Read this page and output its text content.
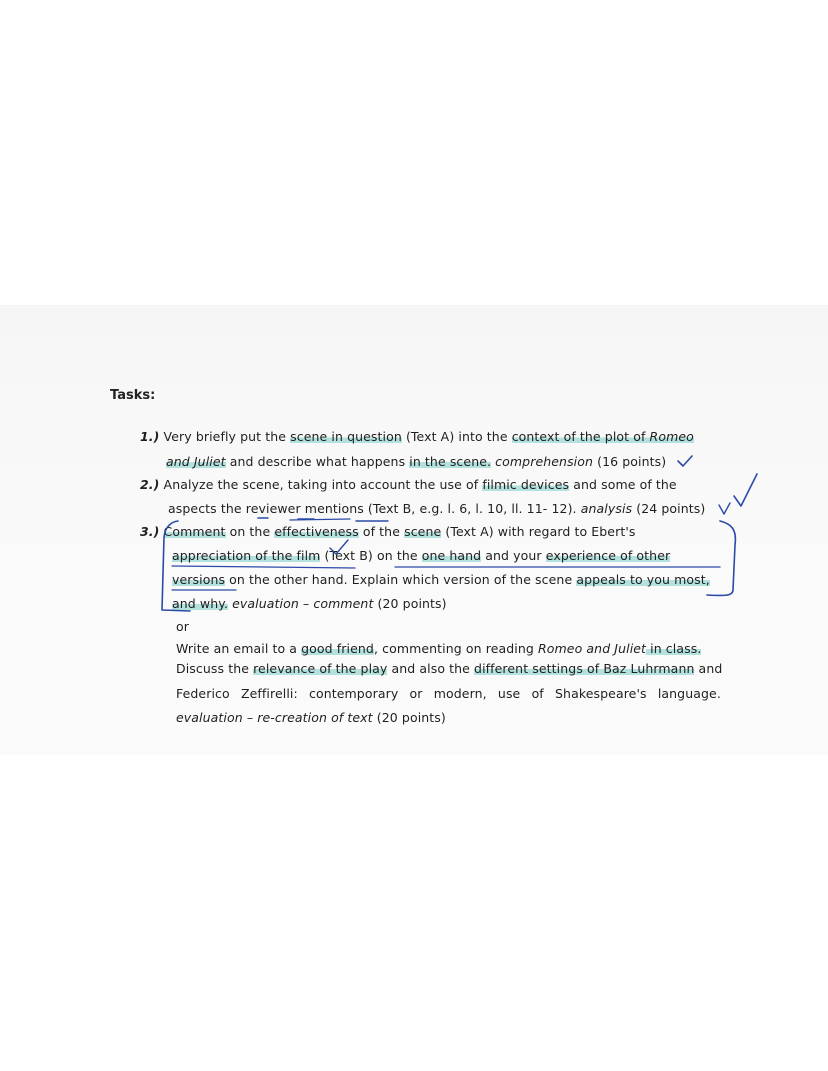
Tasks:
1.) Very briefly put the scene in question (Text A) into the context of the plot of Romeo
and Juliet and describe what happens in the scene. comprehension (16 points)
2.) Analyze the scene, taking into account the use of filmic devices and some of the
aspects the reviewer mentions (Text B, e.g. l. 6, l. 10, ll. 11- 12). analysis (24 points)
3.) Comment on the effectiveness of the scene (Text A) with regard to Ebert's
appreciation of the film (Text B) on the one hand and your experience of other
versions on the other hand. Explain which version of the scene appeals to you most,
and why. evaluation – comment (20 points)
or
Write an email to a good friend, commenting on reading Romeo and Juliet in class.
Discuss the relevance of the play and also the different settings of Baz Luhrmann and
Federico Zeffirelli: contemporary or modern, use of Shakespeare's language.
evaluation – re-creation of text (20 points)
